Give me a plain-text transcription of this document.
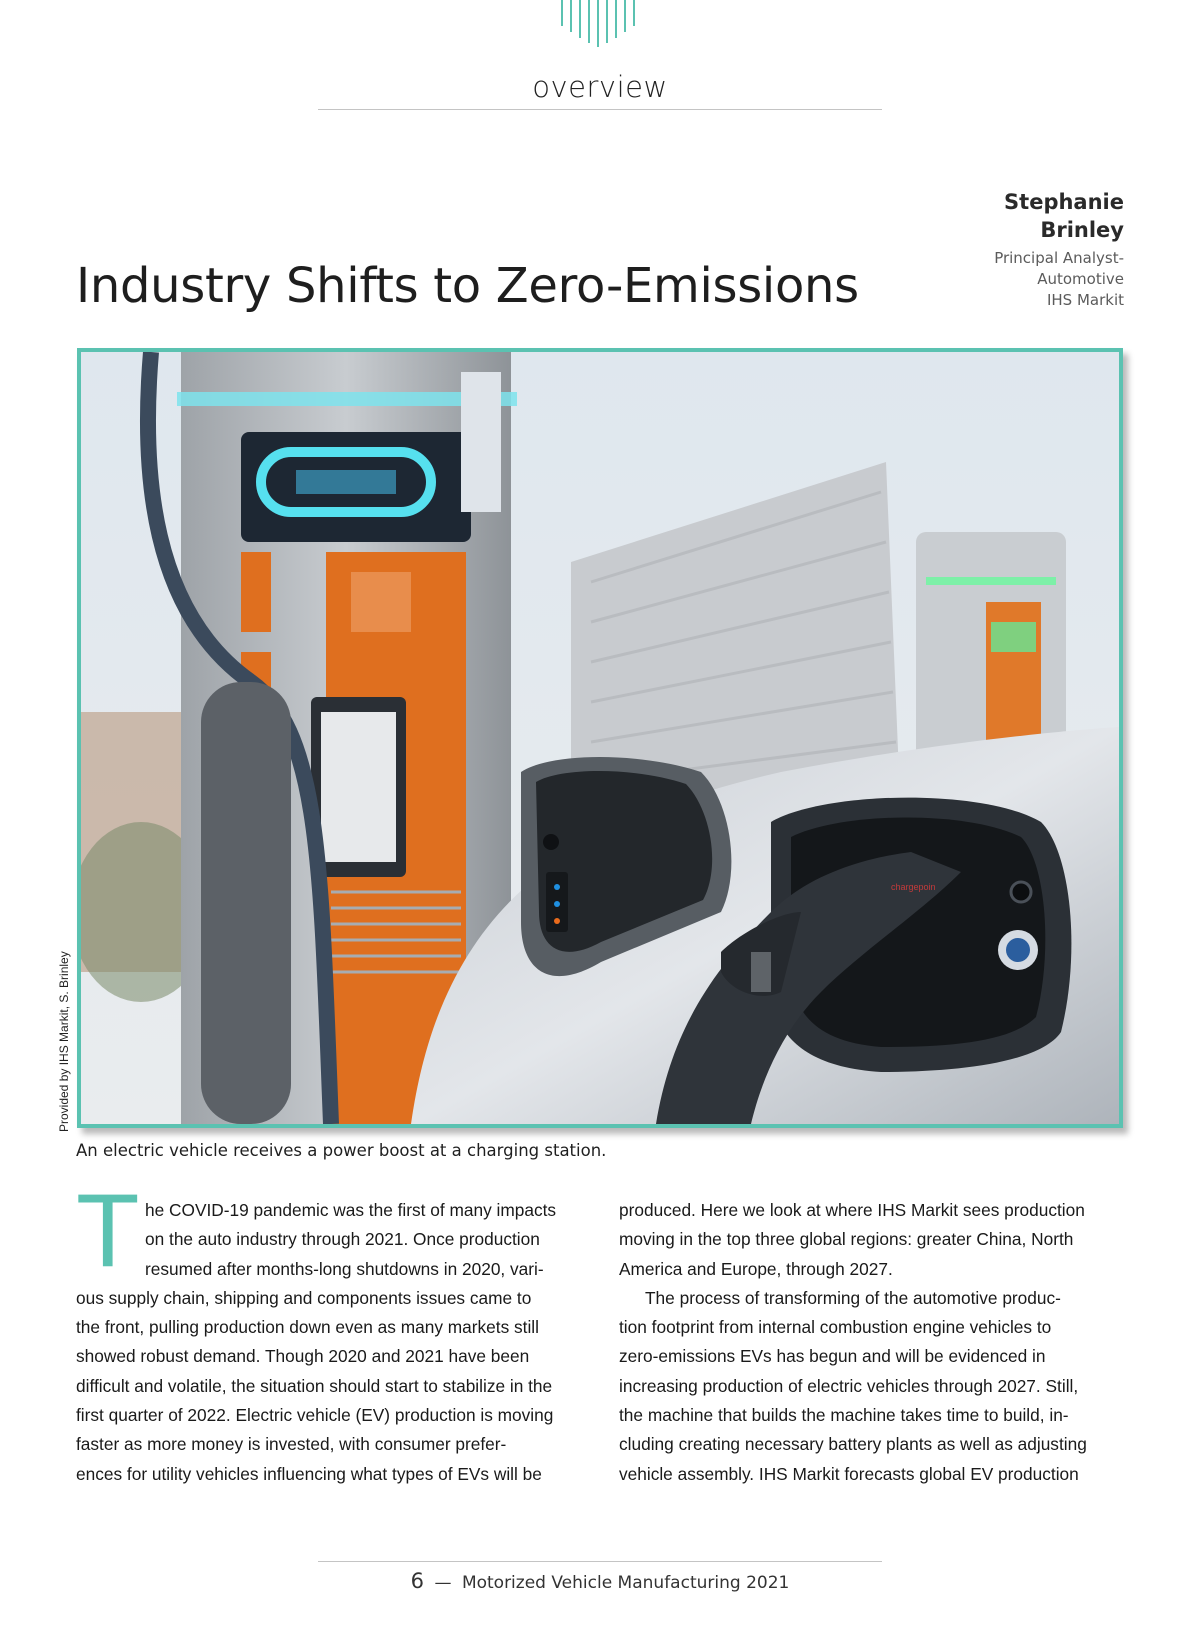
overview
Stephanie
Brinley
Principal Analyst-
Automotive
IHS Markit
Industry Shifts to Zero-Emissions
chargepoin
Provided by IHS Markit, S. Brinley
An electric vehicle receives a power boost at a charging station.
T he COVID-19 pandemic was the first of many impacts
on the auto industry through 2021. Once production
resumed after months-long shutdowns in 2020, vari-
ous supply chain, shipping and components issues came to
the front, pulling production down even as many markets still
showed robust demand. Though 2020 and 2021 have been
difficult and volatile, the situation should start to stabilize in the
first quarter of 2022. Electric vehicle (EV) production is moving
faster as more money is invested, with consumer prefer-
ences for utility vehicles influencing what types of EVs will be
produced. Here we look at where IHS Markit sees production
moving in the top three global regions: greater China, North
America and Europe, through 2027.
The process of transforming of the automotive produc-
tion footprint from internal combustion engine vehicles to
zero-emissions EVs has begun and will be evidenced in
increasing production of electric vehicles through 2027. Still,
the machine that builds the machine takes time to build, in-
cluding creating necessary battery plants as well as adjusting
vehicle assembly. IHS Markit forecasts global EV production
6 — Motorized Vehicle Manufacturing 2021
